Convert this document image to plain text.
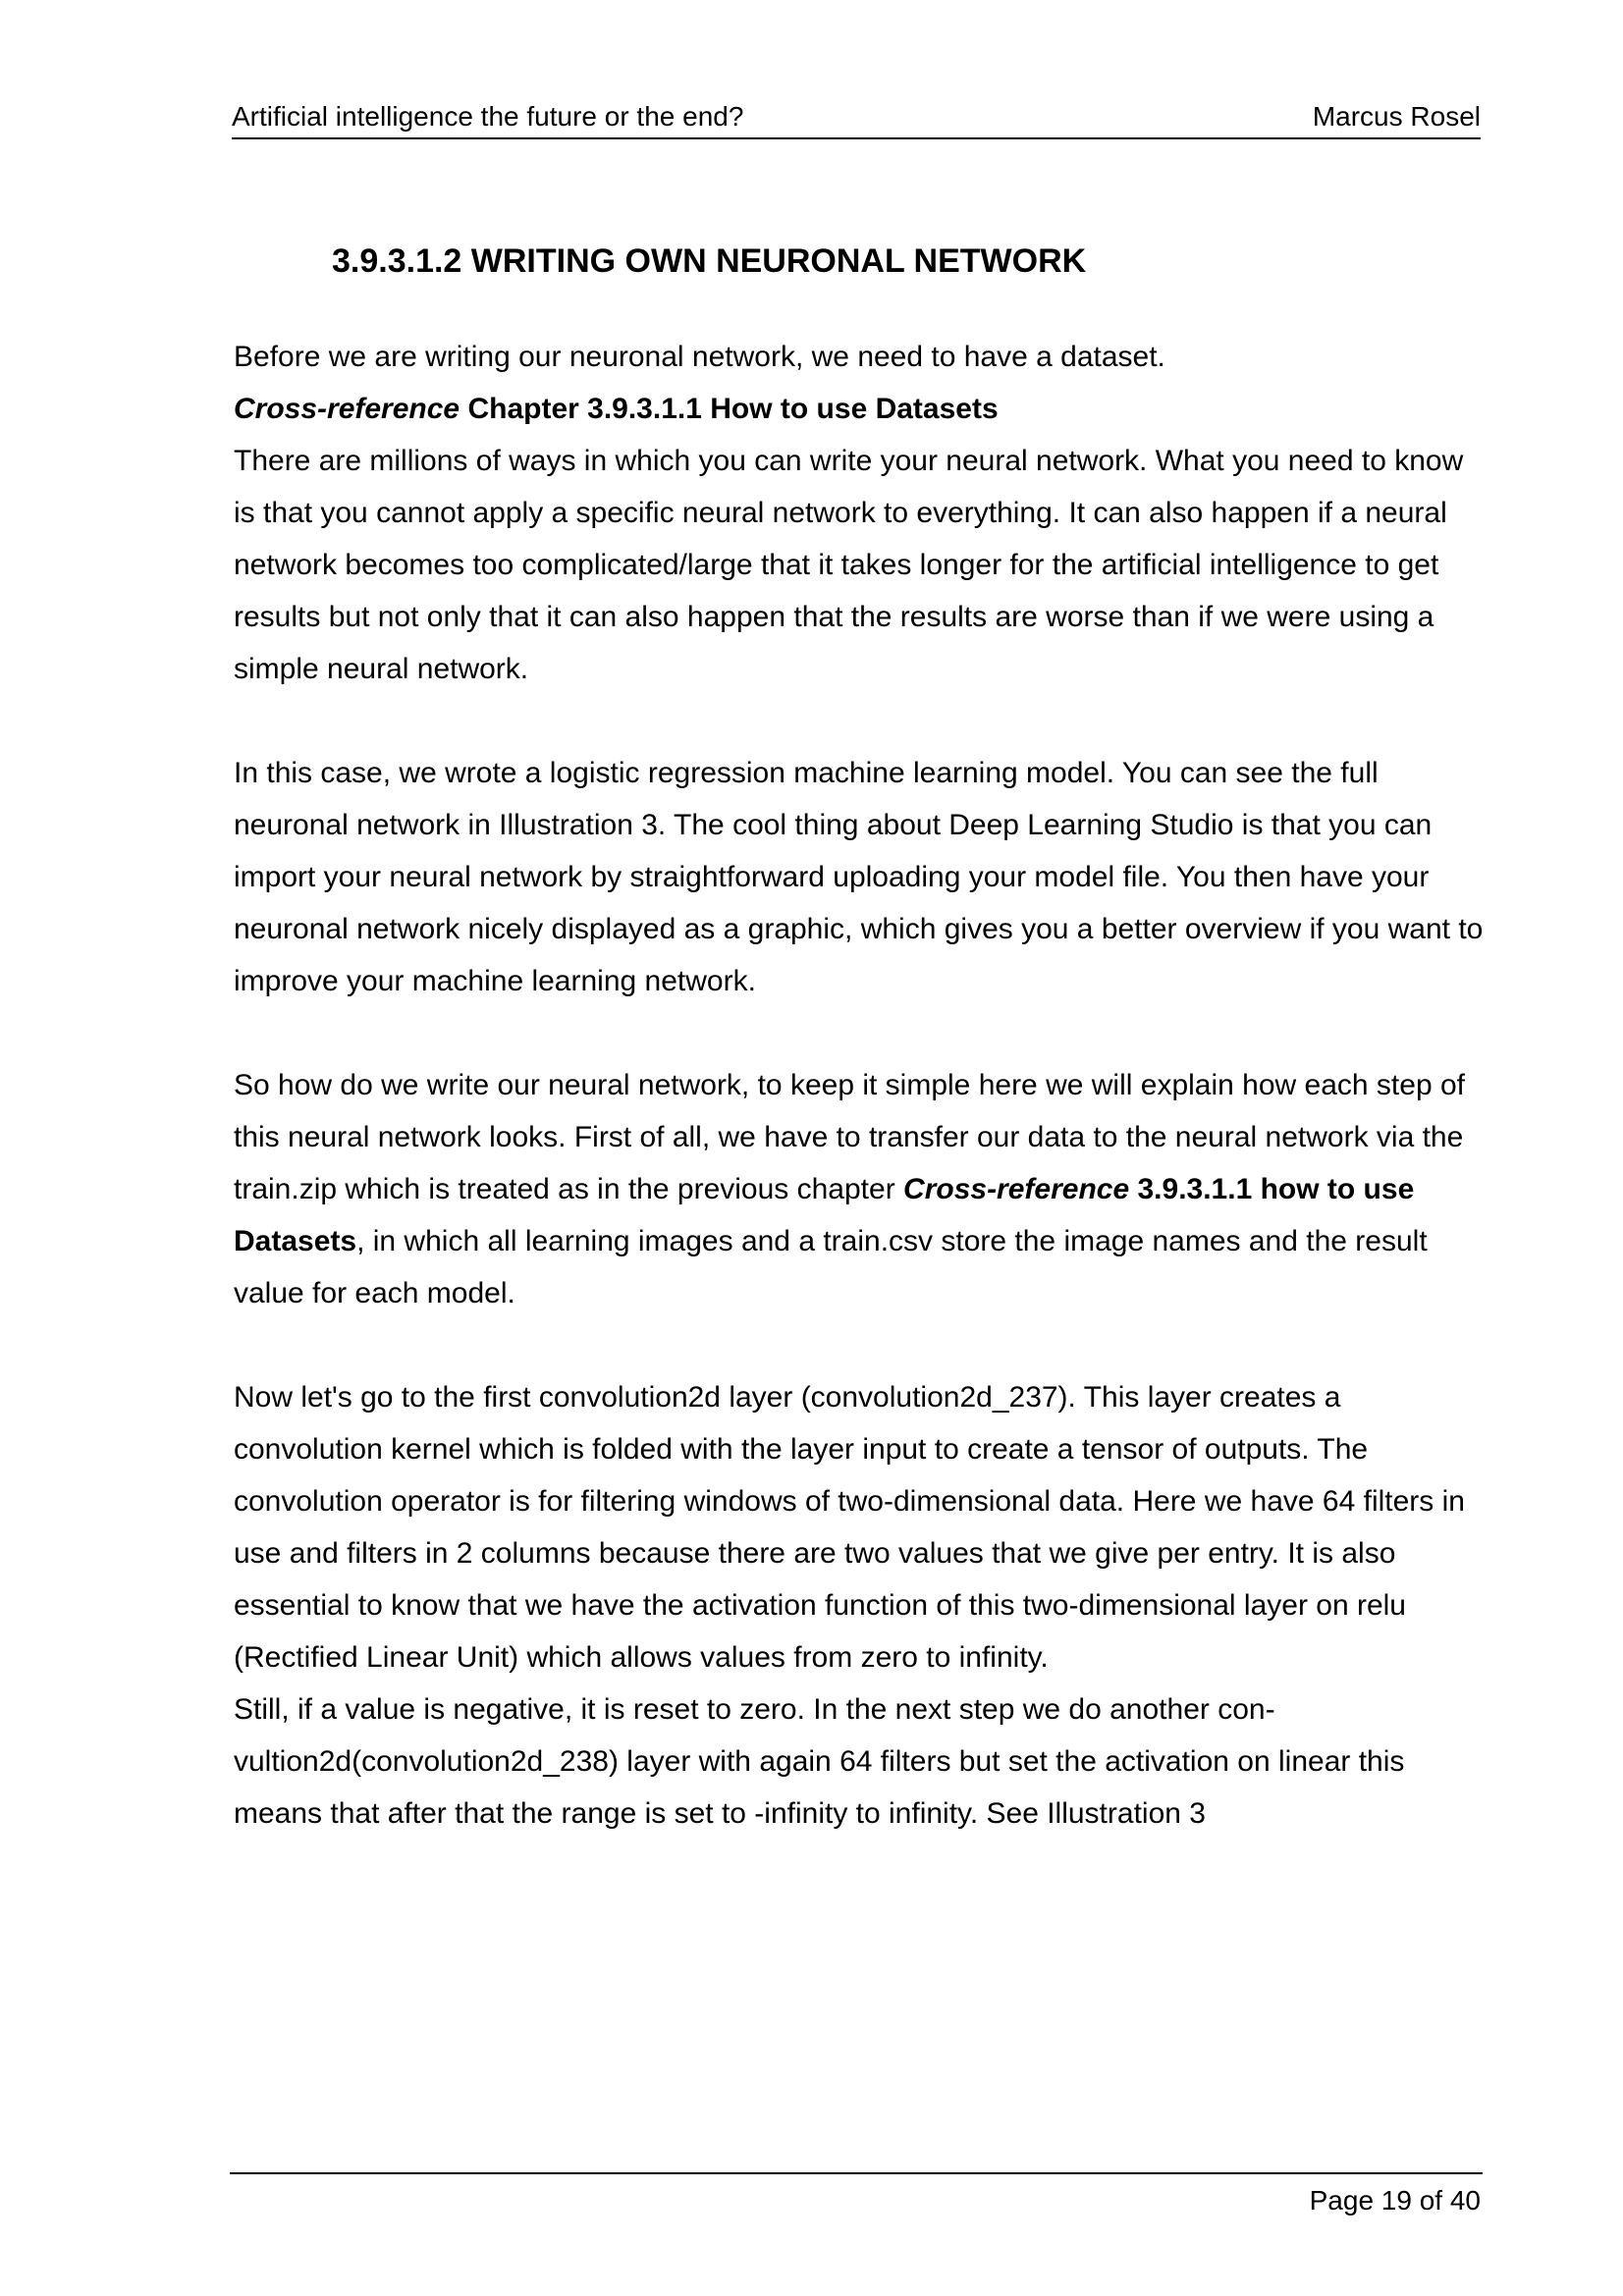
Artificial intelligence the future or the end?	Marcus Rosel
3.9.3.1.2 WRITING OWN NEURONAL NETWORK

Before we are writing our neuronal network, we need to have a dataset.
Cross-reference Chapter 3.9.3.1.1 How to use Datasets
There are millions of ways in which you can write your neural network. What you need to know is that you cannot apply a specific neural network to everything. It can also happen if a neural network becomes too complicated/large that it takes longer for the artificial intelligence to get results but not only that it can also happen that the results are worse than if we were using a simple neural network.

In this case, we wrote a logistic regression machine learning model. You can see the full neuronal network in Illustration 3. The cool thing about Deep Learning Studio is that you can import your neural network by straightforward uploading your model file. You then have your neuronal network nicely displayed as a graphic, which gives you a better overview if you want to improve your machine learning network.

So how do we write our neural network, to keep it simple here we will explain how each step of this neural network looks. First of all, we have to transfer our data to the neural network via the train.zip which is treated as in the previous chapter Cross-reference 3.9.3.1.1 how to use Datasets, in which all learning images and a train.csv store the image names and the result value for each model.

Now let's go to the first convolution2d layer (convolution2d_237). This layer creates a convolution kernel which is folded with the layer input to create a tensor of outputs. The convolution operator is for filtering windows of two-dimensional data. Here we have 64 filters in use and filters in 2 columns because there are two values that we give per entry. It is also essential to know that we have the activation function of this two-dimensional layer on relu (Rectified Linear Unit) which allows values from zero to infinity.

Still, if a value is negative, it is reset to zero. In the next step we do another con-vultion2d(convolution2d_238) layer with again 64 filters but set the activation on linear this means that after that the range is set to -infinity to infinity. See Illustration 3

Page 19 of 40
